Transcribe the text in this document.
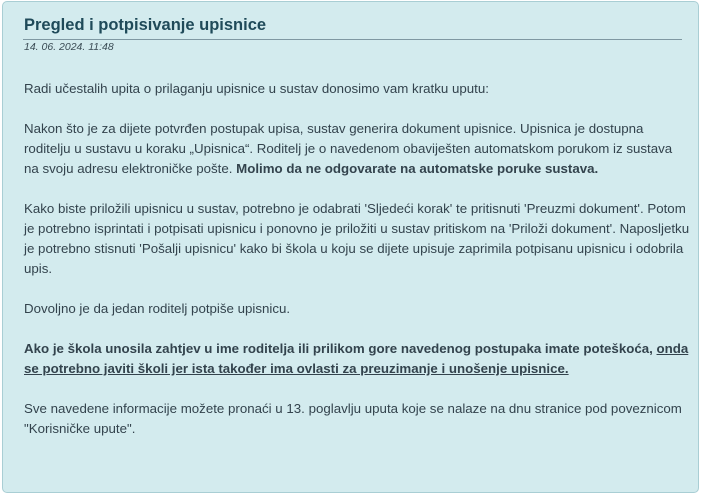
Pregled i potpisivanje upisnice
14. 06. 2024. 11:48

Radi učestalih upita o prilaganju upisnice u sustav donosimo vam kratku uputu:

Nakon što je za dijete potvrđen postupak upisa, sustav generira dokument upisnice. Upisnica je dostupna roditelju u sustavu u koraku „Upisnica“. Roditelj je o navedenom obaviješten automatskom porukom iz sustava na svoju adresu elektroničke pošte. Molimo da ne odgovarate na automatske poruke sustava.

Kako biste priložili upisnicu u sustav, potrebno je odabrati 'Sljedeći korak' te pritisnuti 'Preuzmi dokument'. Potom je potrebno isprintati i potpisati upisnicu i ponovno je priložiti u sustav pritiskom na 'Priloži dokument'. Naposljetku je potrebno stisnuti 'Pošalji upisnicu' kako bi škola u koju se dijete upisuje zaprimila potpisanu upisnicu i odobrila upis.

Dovoljno je da jedan roditelj potpiše upisnicu.

Ako je škola unosila zahtjev u ime roditelja ili prilikom gore navedenog postupaka imate poteškoća, onda se potrebno javiti školi jer ista također ima ovlasti za preuzimanje i unošenje upisnice.

Sve navedene informacije možete pronaći u 13. poglavlju uputa koje se nalaze na dnu stranice pod poveznicom "Korisničke upute".
